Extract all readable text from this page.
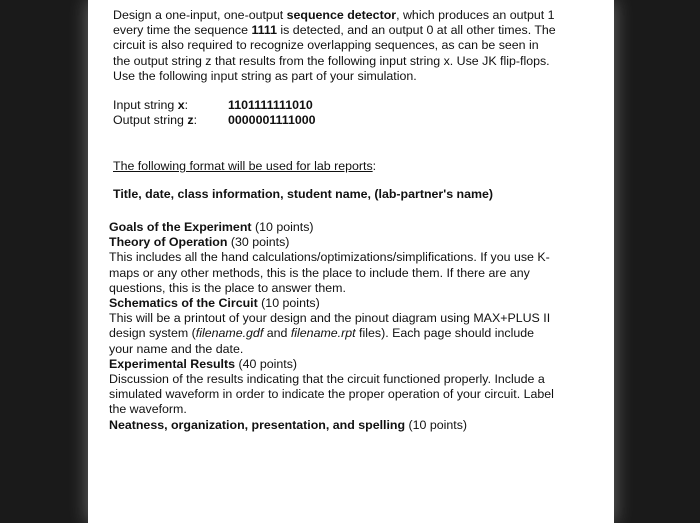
Design a one-input, one-output sequence detector, which produces an output 1
every time the sequence 1111 is detected, and an output 0 at all other times. The
circuit is also required to recognize overlapping sequences, as can be seen in
the output string z that results from the following input string x. Use JK flip-flops.
Use the following input string as part of your simulation.
Input string x:
Output string z:
1101111111010
0000001111000
The following format will be used for lab reports:
Title, date, class information, student name, (lab-partner's name)
Goals of the Experiment (10 points)
Theory of Operation (30 points)
This includes all the hand calculations/optimizations/simplifications. If you use K-
maps or any other methods, this is the place to include them. If there are any
questions, this is the place to answer them.
Schematics of the Circuit (10 points)
This will be a printout of your design and the pinout diagram using MAX+PLUS II
design system (filename.gdf and filename.rpt files). Each page should include
your name and the date.
Experimental Results (40 points)
Discussion of the results indicating that the circuit functioned properly. Include a
simulated waveform in order to indicate the proper operation of your circuit. Label
the waveform.
Neatness, organization, presentation, and spelling (10 points)
